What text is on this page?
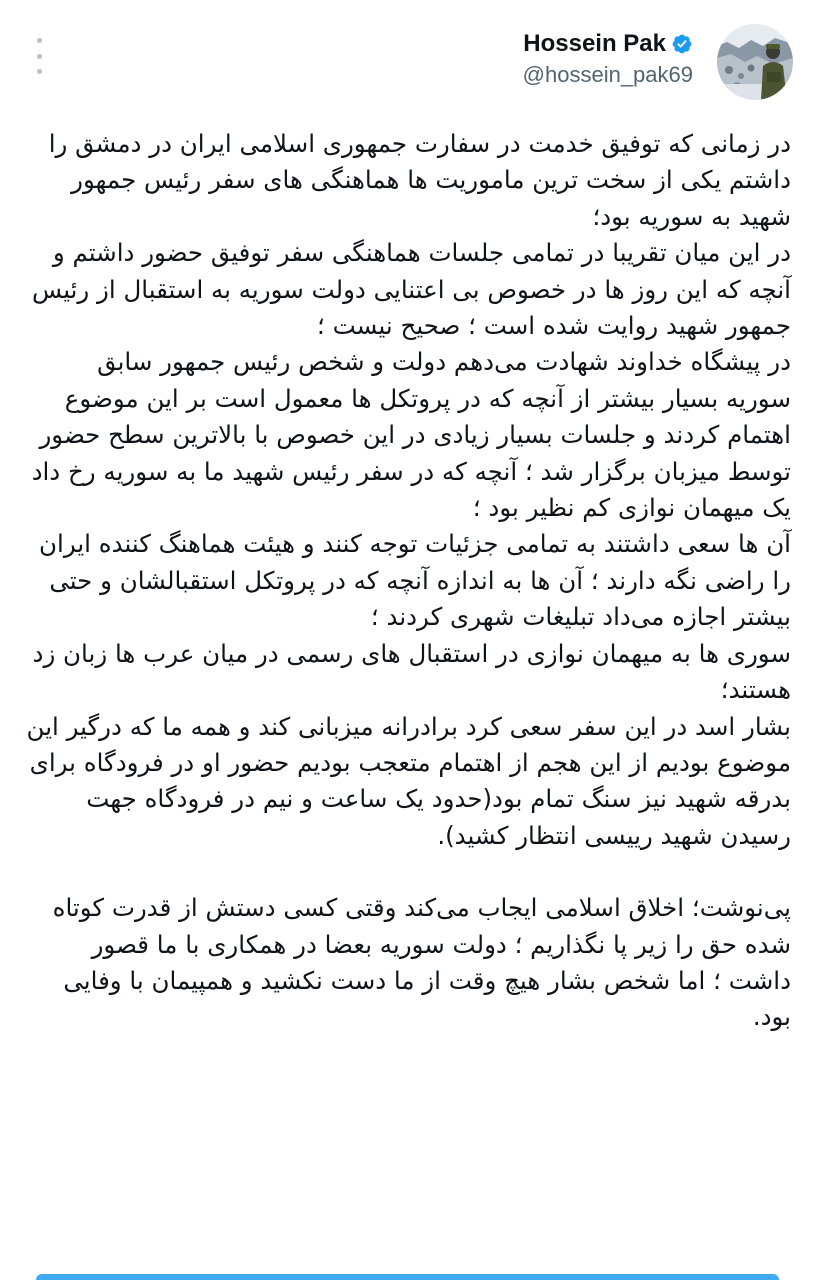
Hossein Pak
@hossein_pak69

در زمانی که توفیق خدمت در سفارت جمهوری اسلامی ایران در دمشق را داشتم یکی از سخت ترین ماموریت ها هماهنگی های سفر رئیس جمهور شهید به سوریه بود؛

در این میان تقریبا در تمامی جلسات هماهنگی سفر توفیق حضور داشتم و آنچه که این روز ها در خصوص بی اعتنایی دولت سوریه به استقبال از رئیس جمهور شهید روایت شده است ؛ صحیح نیست ؛

در پیشگاه خداوند شهادت می‌دهم دولت و شخص رئیس جمهور سابق سوریه بسیار بیشتر از آنچه که در پروتکل ها معمول است بر این موضوع اهتمام کردند و جلسات بسیار زیادی در این خصوص با بالاترین سطح حضور توسط میزبان برگزار شد ؛ آنچه که در سفر رئیس شهید ما به سوریه رخ داد یک میهمان نوازی کم نظیر بود ؛

آن ها سعی داشتند به تمامی جزئیات توجه کنند و هیئت هماهنگ کننده ایران را راضی نگه دارند ؛ آن ها به اندازه آنچه که در پروتکل استقبالشان و حتی بیشتر اجازه می‌داد تبلیغات شهری کردند ؛

سوری ها به میهمان نوازی در استقبال های رسمی در میان عرب ها زبان زد هستند؛

بشار اسد در این سفر سعی کرد برادرانه میزبانی کند و همه ما که درگیر این موضوع بودیم از این هجم از اهتمام متعجب بودیم حضور او در فرودگاه برای بدرقه شهید نیز سنگ تمام بود(حدود یک ساعت و نیم در فرودگاه جهت رسیدن شهید رییسی انتظار کشید).

پی‌نوشت؛ اخلاق اسلامی ایجاب می‌کند وقتی کسی دستش از قدرت کوتاه شده حق را زیر پا نگذاریم ؛ دولت سوریه بعضا در همکاری با ما قصور داشت ؛ اما شخص بشار هیچ وقت از ما دست نکشید و همپیمان با وفایی بود.
